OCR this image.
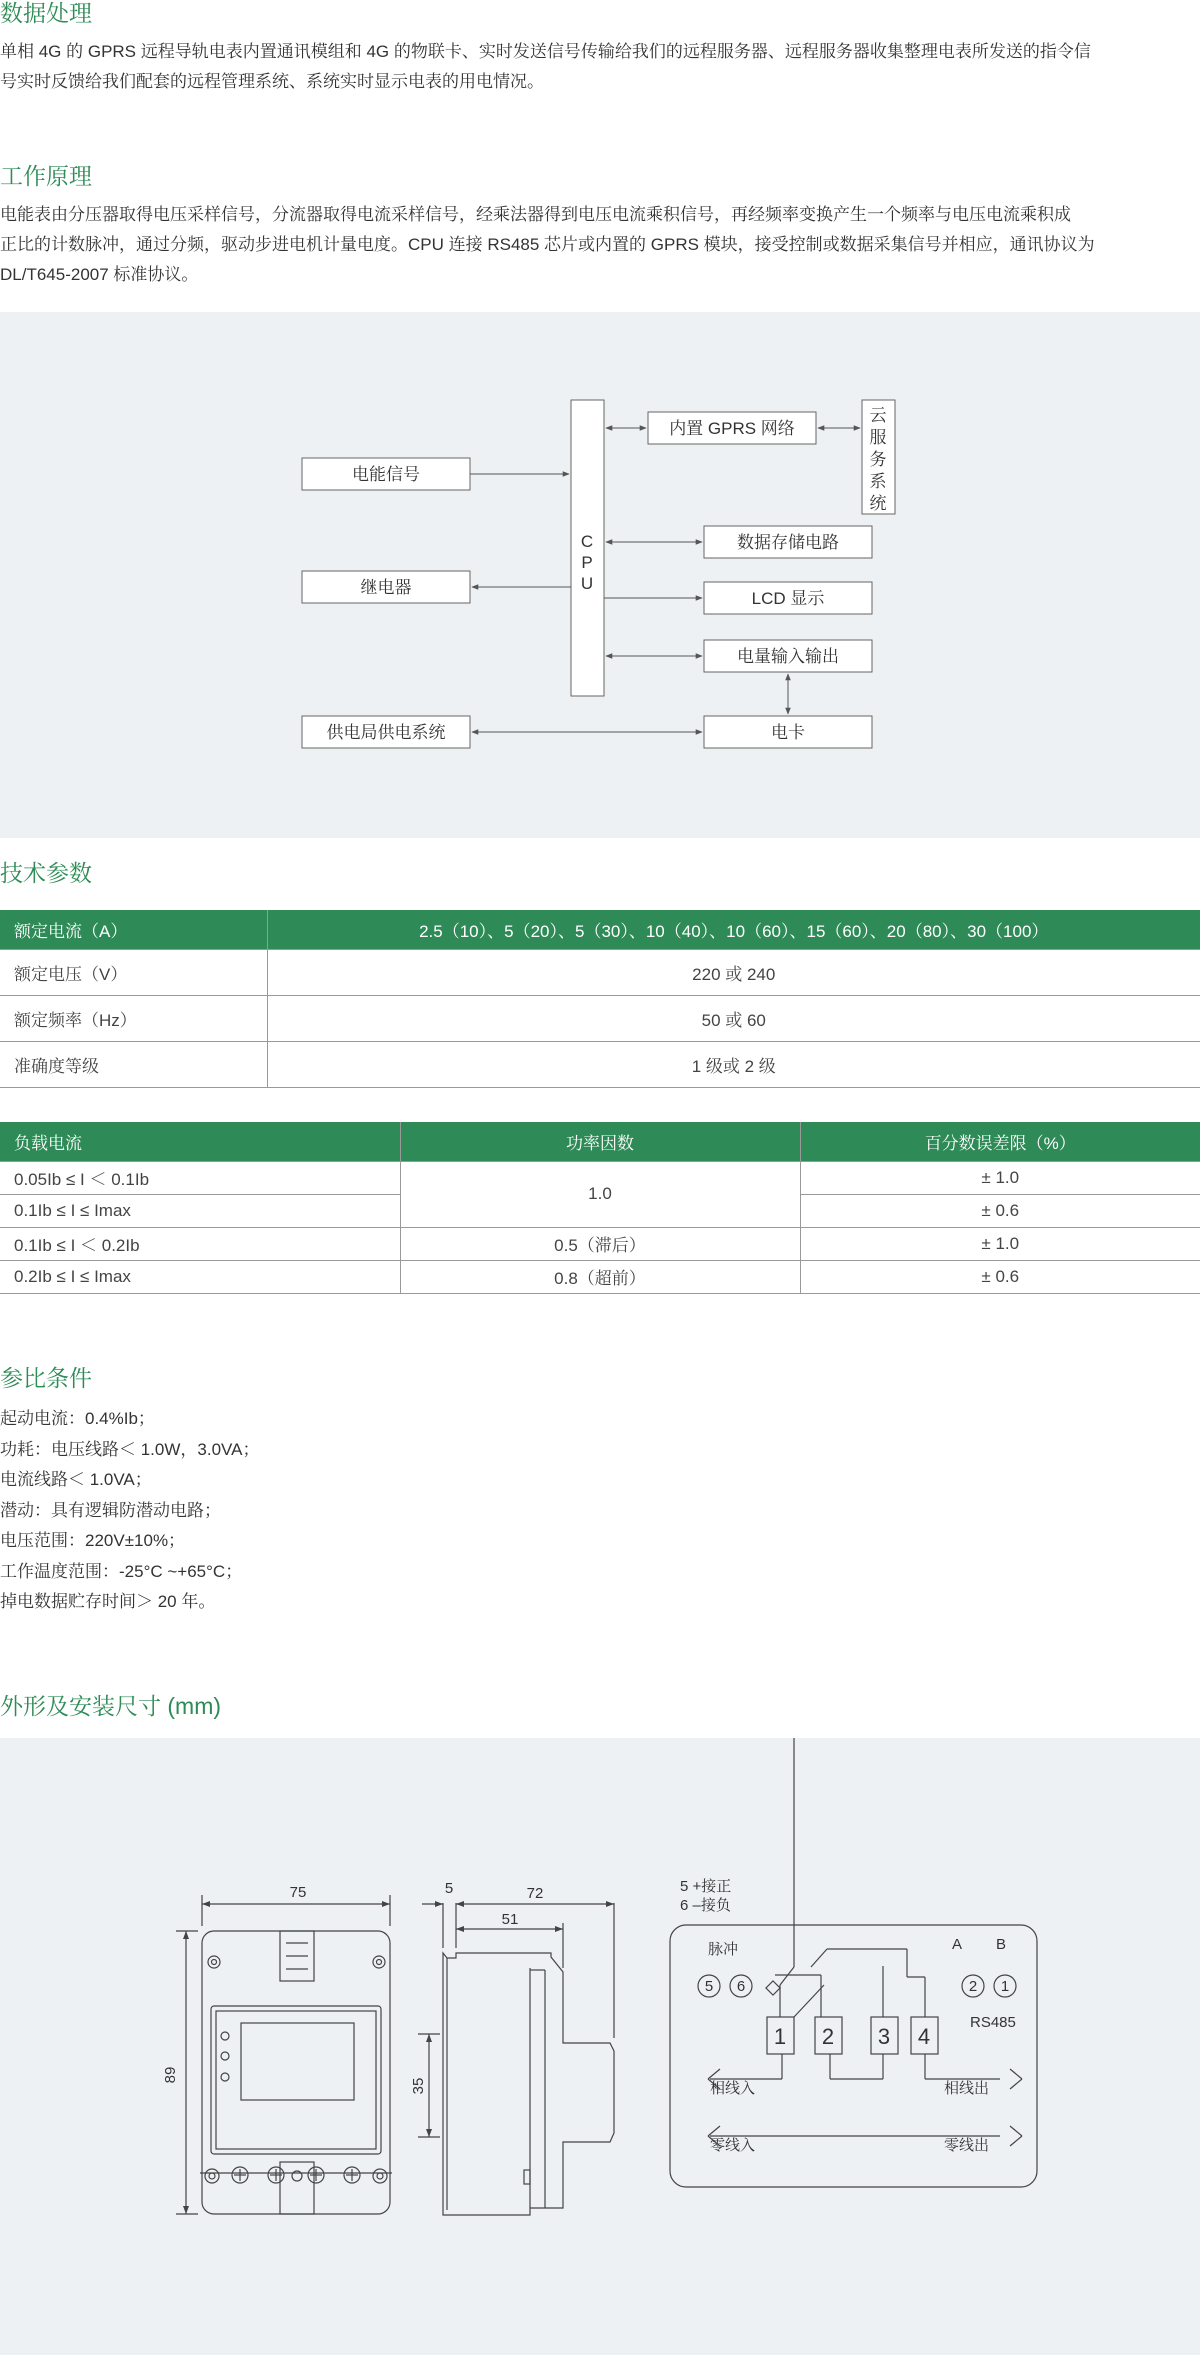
数据处理

单相 4G 的 GPRS 远程导轨电表内置通讯模组和 4G 的物联卡、实时发送信号传输给我们的远程服务器、远程服务器收集整理电表所发送的指令信
号实时反馈给我们配套的远程管理系统、系统实时显示电表的用电情况。

工作原理

电能表由分压器取得电压采样信号，分流器取得电流采样信号，经乘法器得到电压电流乘积信号，再经频率变换产生一个频率与电压电流乘积成
正比的计数脉冲，通过分频，驱动步进电机计量电度。CPU 连接 RS485 芯片或内置的 GPRS 模块，接受控制或数据采集信号并相应，通讯协议为
DL/T645-2007 标准协议。

电能信号
继电器
供电局供电系统
内置 GPRS 网络
数据存储电路
LCD 显示
电量输入输出
电卡
C P U
云服务系统
技术参数
额定电流（A）	2.5（10）、5（20）、5（30）、10（40）、10（60）、15（60）、20（80）、30（100）
额定电压（V）	220 或 240
额定频率（Hz）	50 或 60
准确度等级	1 级或 2 级
负载电流	功率因数	百分数误差限（%）
0.05Ib ≤ I ＜ 0.1Ib	1.0	± 1.0
0.1Ib ≤ I ≤ Imax		± 0.6
0.1Ib ≤ I ＜ 0.2Ib	0.5（滞后）	± 1.0
0.2Ib ≤ I ≤ Imax	0.8（超前）	± 0.6
参比条件
起动电流：0.4%Ib；
功耗：电压线路＜ 1.0W，3.0VA；
电流线路＜ 1.0VA；
潜动：具有逻辑防潜动电路；
电压范围：220V±10%；
工作温度范围：-25°C ~+65°C；
掉电数据贮存时间＞ 20 年。
外形及安装尺寸 (mm)
75
89
5	72
51
35
5 +接正
6 –接负
脉冲
5 6
A B
2 1
RS485
相线入	相线出
零线入	零线出
1 2 3 4
